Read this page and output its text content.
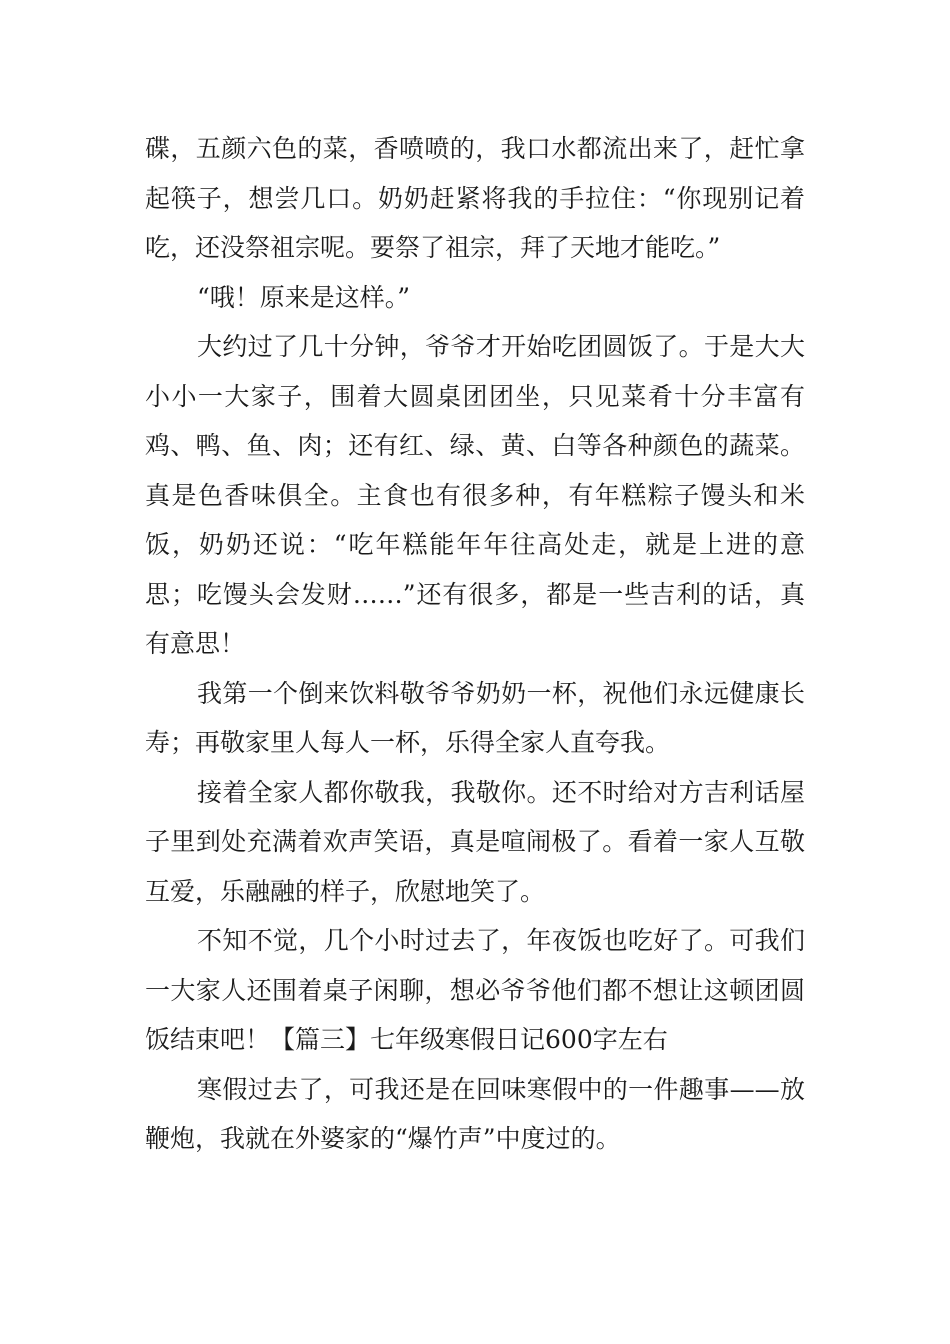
碟，五颜六色的菜，香喷喷的，我口水都流出来了，赶忙拿起筷子，想尝几口。奶奶赶紧将我的手拉住：“你现别记着吃，还没祭祖宗呢。要祭了祖宗，拜了天地才能吃。”

“哦！原来是这样。”

大约过了几十分钟，爷爷才开始吃团圆饭了。于是大大小小一大家子，围着大圆桌团团坐，只见菜肴十分丰富有鸡、鸭、鱼、肉；还有红、绿、黄、白等各种颜色的蔬菜。真是色香味俱全。主食也有很多种，有年糕粽子馒头和米饭，奶奶还说：“吃年糕能年年往高处走，就是上进的意思；吃馒头会发财……”还有很多，都是一些吉利的话，真有意思！

我第一个倒来饮料敬爷爷奶奶一杯，祝他们永远健康长寿；再敬家里人每人一杯，乐得全家人直夸我。

接着全家人都你敬我，我敬你。还不时给对方吉利话屋子里到处充满着欢声笑语，真是喧闹极了。看着一家人互敬互爱，乐融融的样子，欣慰地笑了。

不知不觉，几个小时过去了，年夜饭也吃好了。可我们一大家人还围着桌子闲聊，想必爷爷他们都不想让这顿团圆饭结束吧！【篇三】七年级寒假日记600字左右

寒假过去了，可我还是在回味寒假中的一件趣事——放鞭炮，我就在外婆家的“爆竹声”中度过的。
